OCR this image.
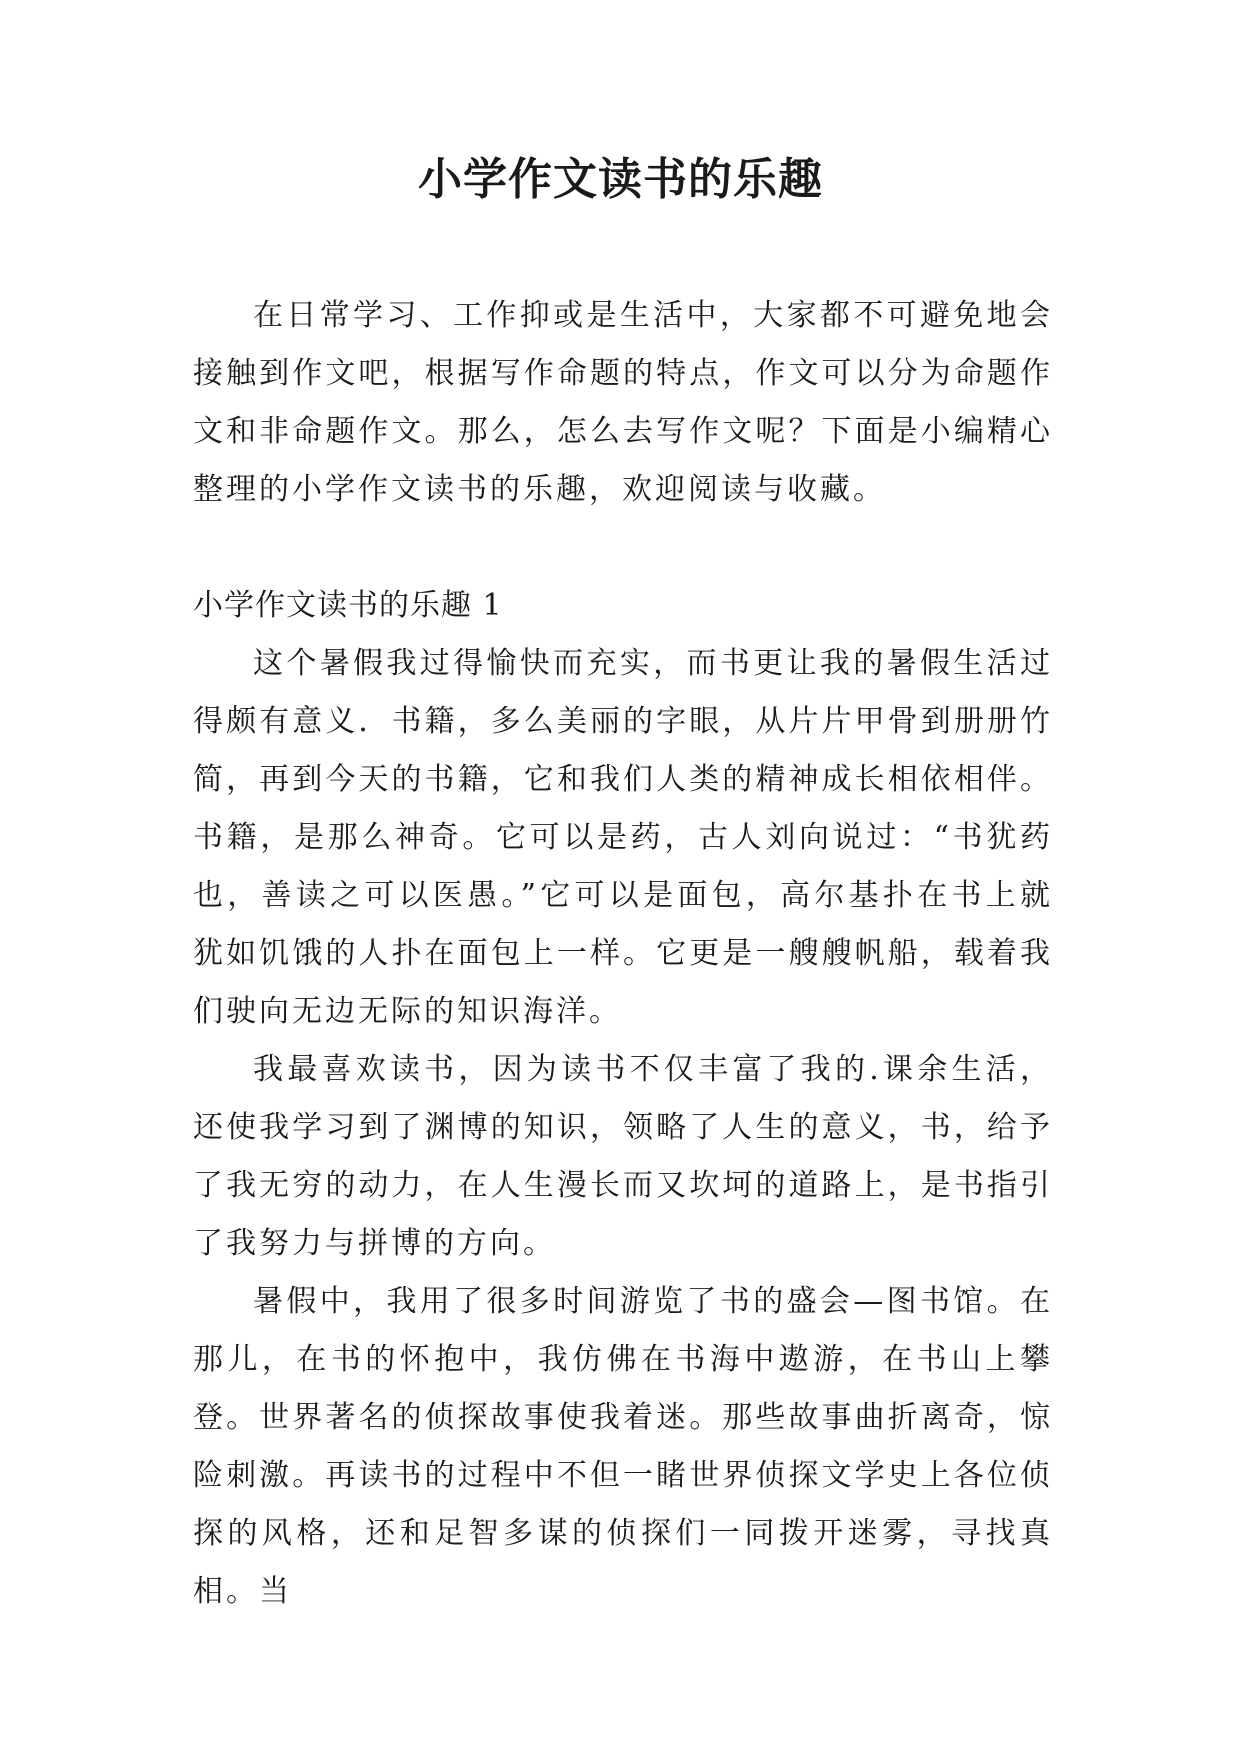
小学作文读书的乐趣

在日常学习、工作抑或是生活中，大家都不可避免地会接触到作文吧，根据写作命题的特点，作文可以分为命题作文和非命题作文。那么，怎么去写作文呢？下面是小编精心整理的小学作文读书的乐趣，欢迎阅读与收藏。

小学作文读书的乐趣 1

这个暑假我过得愉快而充实，而书更让我的暑假生活过得颇有意义．书籍，多么美丽的字眼，从片片甲骨到册册竹简，再到今天的书籍，它和我们人类的精神成长相依相伴。书籍，是那么神奇。它可以是药，古人刘向说过：“书犹药也，善读之可以医愚。”它可以是面包，高尔基扑在书上就犹如饥饿的人扑在面包上一样。它更是一艘艘帆船，载着我们驶向无边无际的知识海洋。

我最喜欢读书，因为读书不仅丰富了我的.课余生活，还使我学习到了渊博的知识，领略了人生的意义，书，给予了我无穷的动力，在人生漫长而又坎坷的道路上，是书指引了我努力与拼博的方向。

暑假中，我用了很多时间游览了书的盛会—图书馆。在那儿，在书的怀抱中，我仿佛在书海中遨游，在书山上攀登。世界著名的侦探故事使我着迷。那些故事曲折离奇，惊险刺激。再读书的过程中不但一睹世界侦探文学史上各位侦探的风格，还和足智多谋的侦探们一同拨开迷雾，寻找真相。当
